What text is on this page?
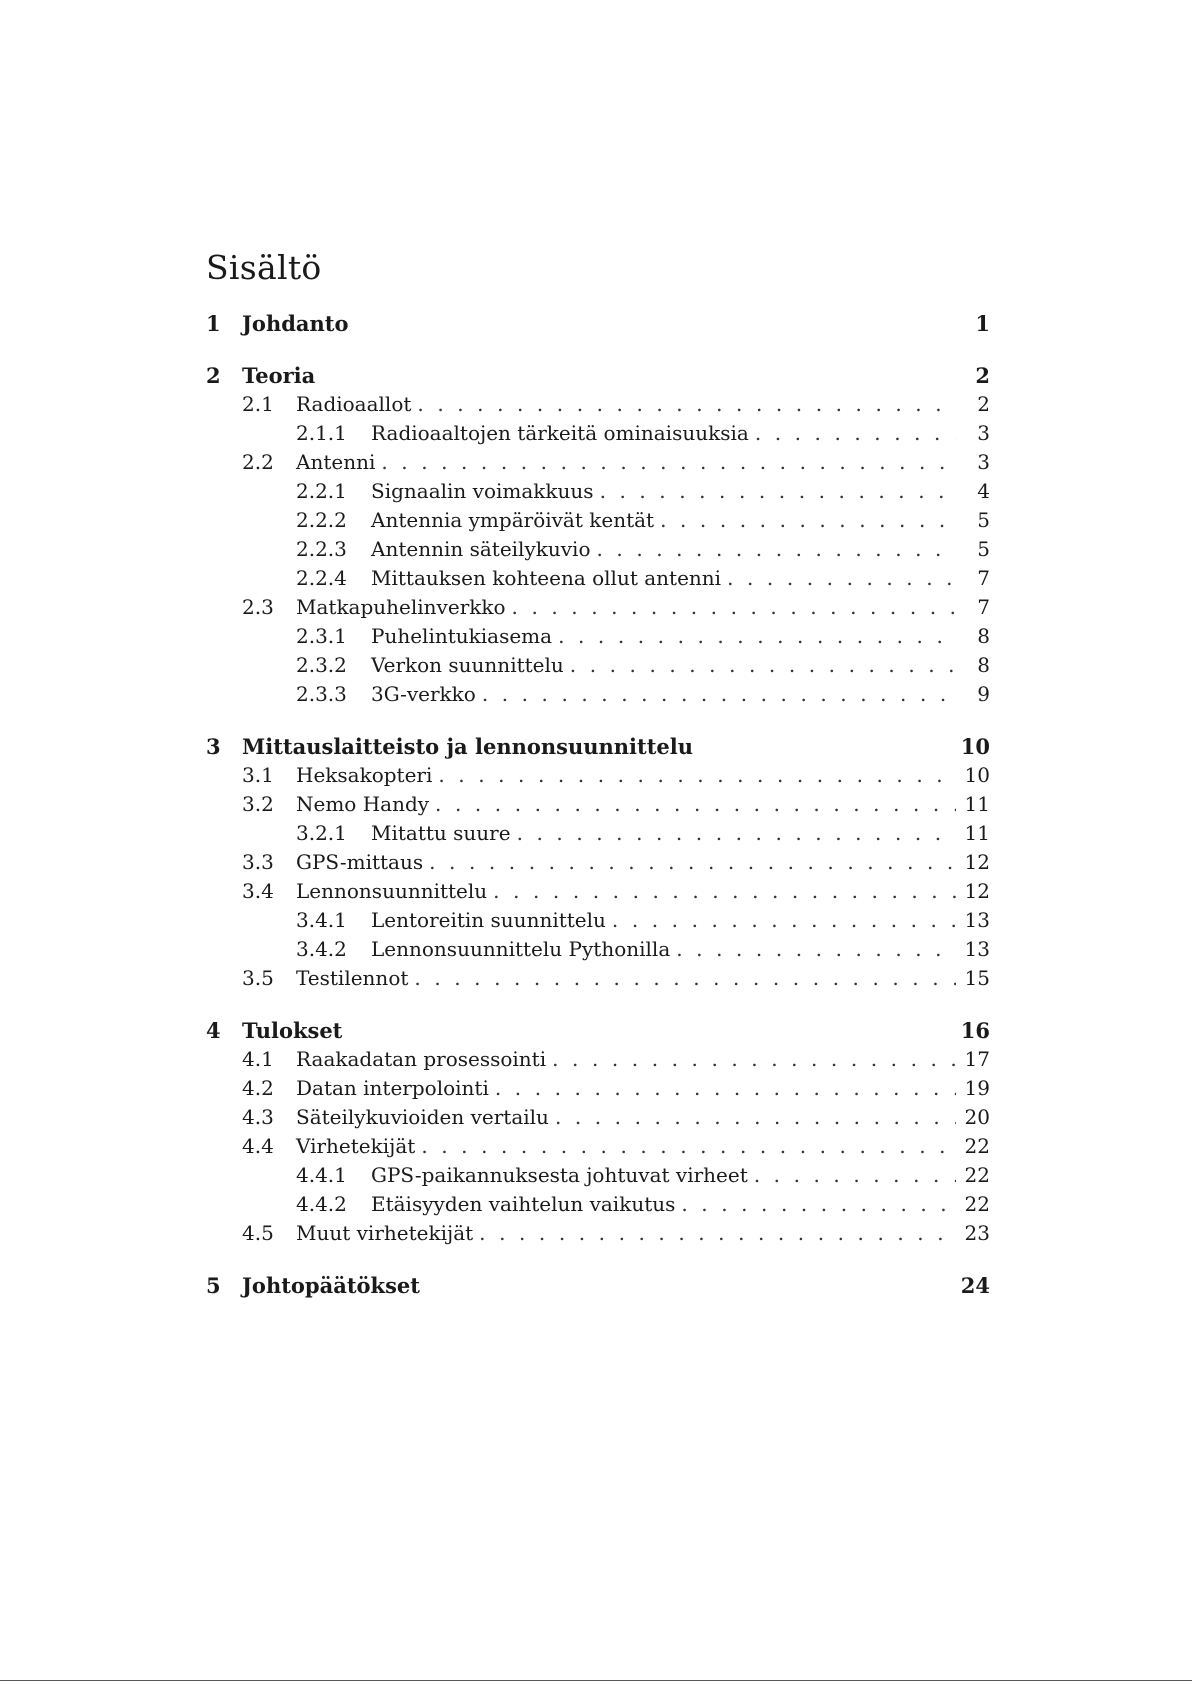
Sisältö
1	Johdanto	1
2	Teoria	2
2.1	Radioaallot . . .	2
2.1.1	Radioaaltojen tärkeitä ominaisuuksia . . .	3
2.2	Antenni . . .	3
2.2.1	Signaalin voimakkuus . . .	4
2.2.2	Antennia ympäröivät kentät . . .	5
2.2.3	Antennin säteilykuvio . . .	5
2.2.4	Mittauksen kohteena ollut antenni . . .	7
2.3	Matkapuhelinverkko . . .	7
2.3.1	Puhelintukiasema . . .	8
2.3.2	Verkon suunnittelu . . .	8
2.3.3	3G-verkko . . .	9
3	Mittauslaitteisto ja lennonsuunnittelu	10
3.1	Heksakopteri . . .	10
3.2	Nemo Handy . . .	11
3.2.1	Mitattu suure . . .	11
3.3	GPS-mittaus . . .	12
3.4	Lennonsuunnittelu . . .	12
3.4.1	Lentoreitin suunnittelu . . .	13
3.4.2	Lennonsuunnittelu Pythonilla . . .	13
3.5	Testilennot . . .	15
4	Tulokset	16
4.1	Raakadatan prosessointi . . .	17
4.2	Datan interpolointi . . .	19
4.3	Säteilykuvioiden vertailu . . .	20
4.4	Virhetekijät . . .	22
4.4.1	GPS-paikannuksesta johtuvat virheet . . .	22
4.4.2	Etäisyyden vaihtelun vaikutus . . .	22
4.5	Muut virhetekijät . . .	23
5	Johtopäätökset	24
